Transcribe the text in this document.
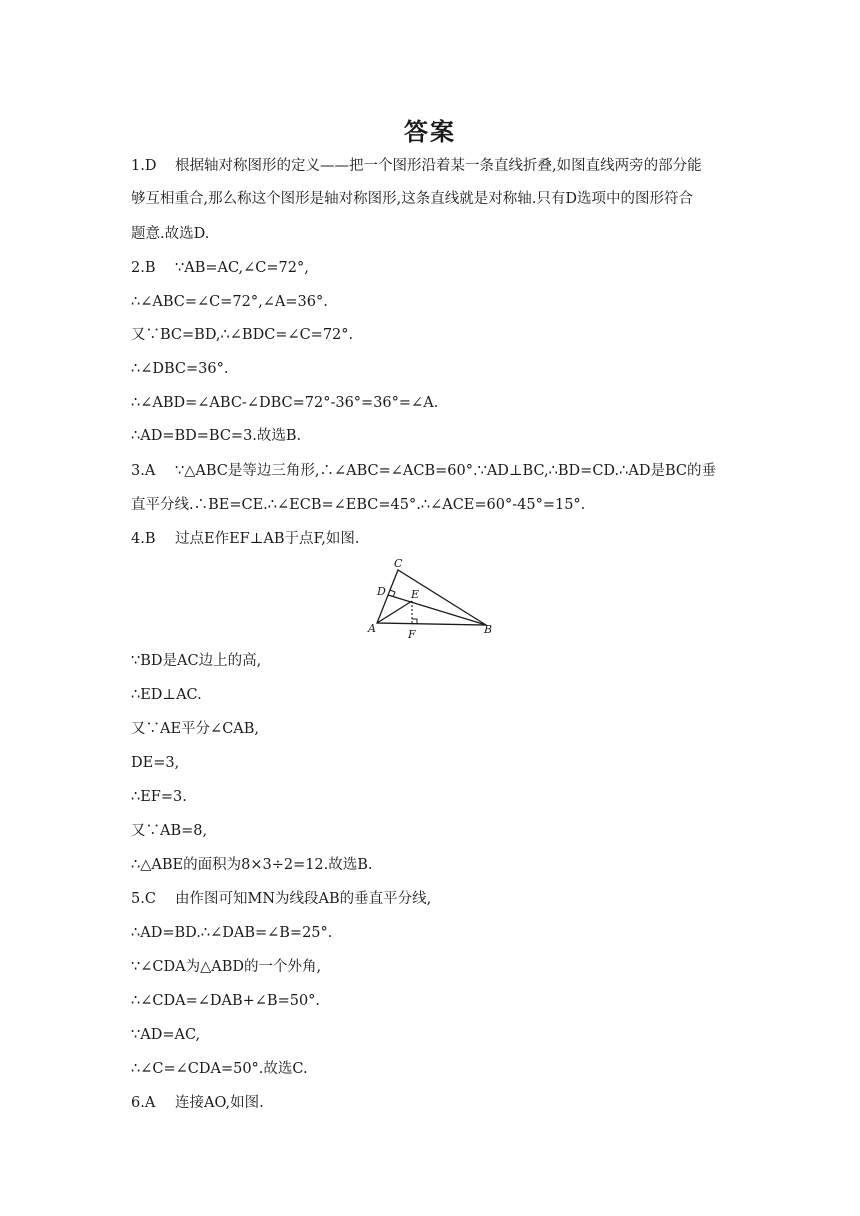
答案
1.D 根据轴对称图形的定义——把一个图形沿着某一条直线折叠,如图直线两旁的部分能
够互相重合,那么称这个图形是轴对称图形,这条直线就是对称轴.只有D选项中的图形符合
题意.故选D.
2.B ∵AB=AC,∠C=72°,
∴∠ABC=∠C=72°,∠A=36°.
又∵BC=BD,∴∠BDC=∠C=72°.
∴∠DBC=36°.
∴∠ABD=∠ABC-∠DBC=72°-36°=36°=∠A.
∴AD=BD=BC=3.故选B.
3.A ∵△ABC是等边三角形,∴∠ABC=∠ACB=60°.∵AD⊥BC,∴BD=CD.∴AD是BC的垂
直平分线.∴BE=CE.∴∠ECB=∠EBC=45°.∴∠ACE=60°-45°=15°.
4.B 过点E作EF⊥AB于点F,如图.
C
D E
A	F	B
∵BD是AC边上的高,
∴ED⊥AC.
又∵AE平分∠CAB,
DE=3,
∴EF=3.
又∵AB=8,
∴△ABE的面积为8×3÷2=12.故选B.
5.C 由作图可知MN为线段AB的垂直平分线,
∴AD=BD.∴∠DAB=∠B=25°.
∵∠CDA为△ABD的一个外角,
∴∠CDA=∠DAB+∠B=50°.
∵AD=AC,
∴∠C=∠CDA=50°.故选C.
6.A 连接AO,如图.
